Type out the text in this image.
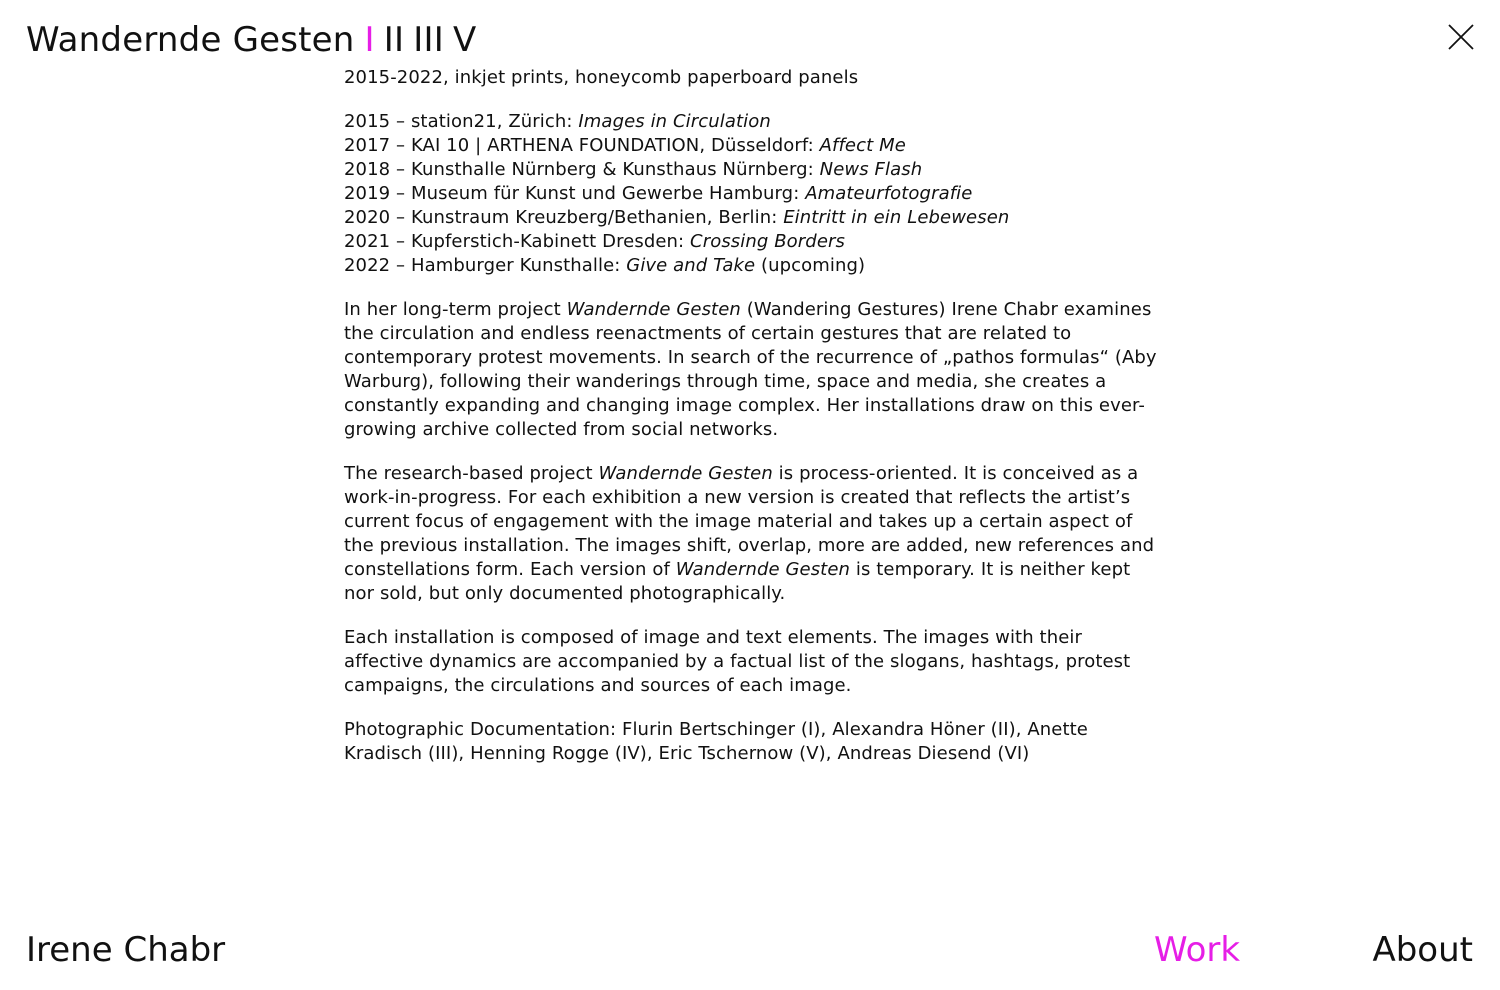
Wandernde Gesten I II III V

2015-2022, inkjet prints, honeycomb paperboard panels

2015 – station21, Zürich: Images in Circulation
2017 – KAI 10 | ARTHENA FOUNDATION, Düsseldorf: Affect Me
2018 – Kunsthalle Nürnberg & Kunsthaus Nürnberg: News Flash
2019 – Museum für Kunst und Gewerbe Hamburg: Amateurfotografie
2020 – Kunstraum Kreuzberg/Bethanien, Berlin: Eintritt in ein Lebewesen
2021 – Kupferstich-Kabinett Dresden: Crossing Borders
2022 – Hamburger Kunsthalle: Give and Take (upcoming)

In her long-term project Wandernde Gesten (Wandering Gestures) Irene Chabr examines the circulation and endless reenactments of certain gestures that are related to contemporary protest movements. In search of the recurrence of „pathos formulas“ (Aby Warburg), following their wanderings through time, space and media, she creates a constantly expanding and changing image complex. Her installations draw on this ever-growing archive collected from social networks.

The research-based project Wandernde Gesten is process-oriented. It is conceived as a work-in-progress. For each exhibition a new version is created that reflects the artist’s current focus of engagement with the image material and takes up a certain aspect of the previous installation. The images shift, overlap, more are added, new references and constellations form. Each version of Wandernde Gesten is temporary. It is neither kept nor sold, but only documented photographically.

Each installation is composed of image and text elements. The images with their affective dynamics are accompanied by a factual list of the slogans, hashtags, protest campaigns, the circulations and sources of each image.

Photographic Documentation: Flurin Bertschinger (I), Alexandra Höner (II), Anette Kradisch (III), Henning Rogge (IV), Eric Tschernow (V), Andreas Diesend (VI)

Irene Chabr	Work	About
